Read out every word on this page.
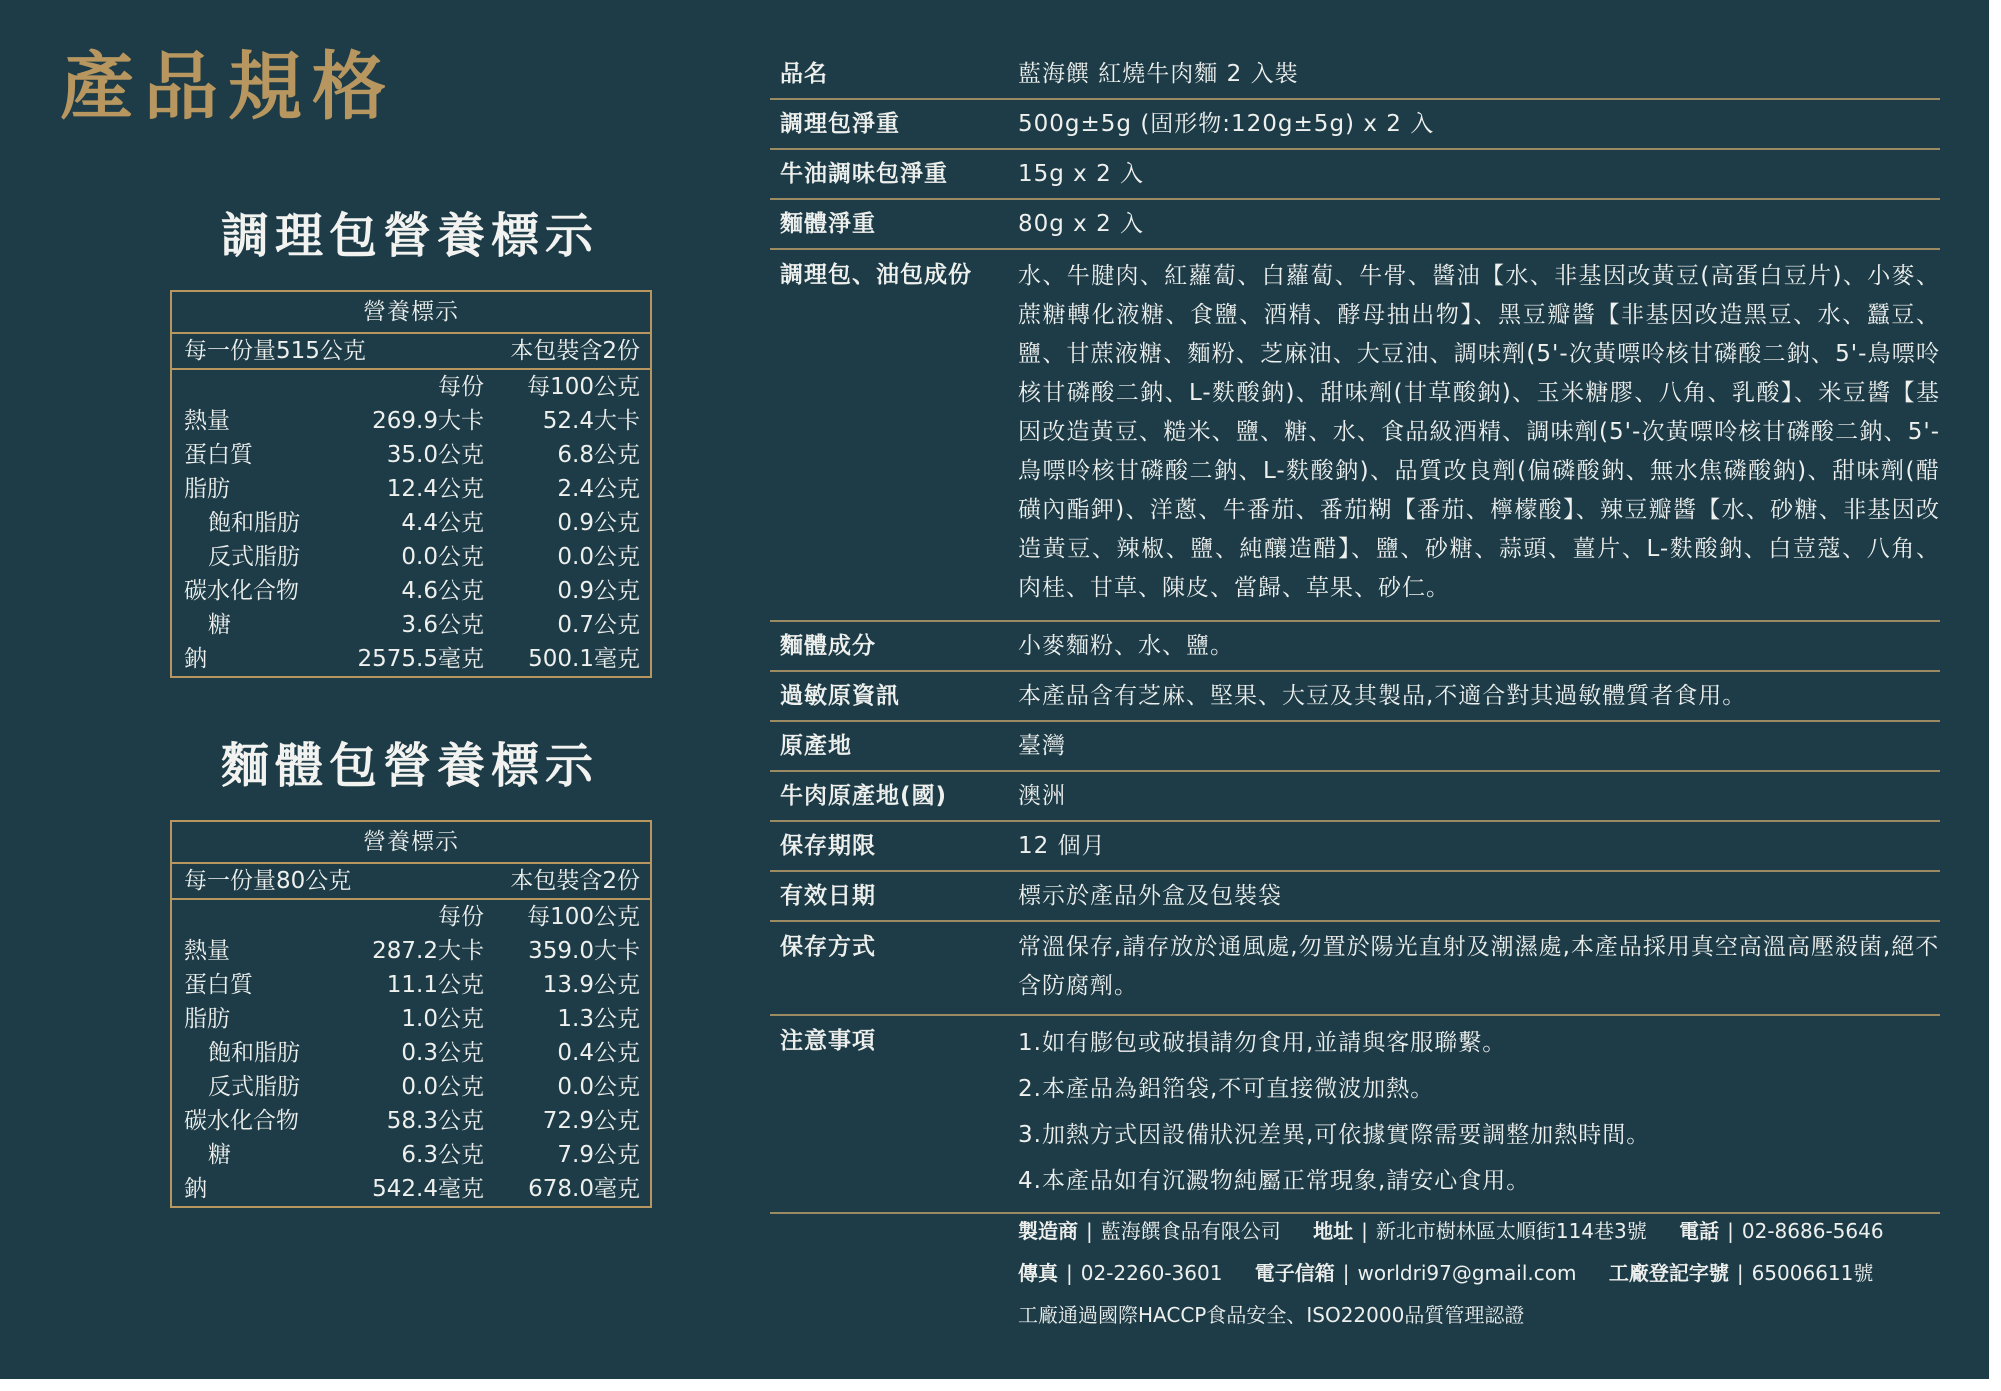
產品規格
調理包營養標示
營養標示
每一份量515公克	本包裝含2份
每份 每100公克
熱量	269.9大卡	52.4大卡
蛋白質	35.0公克	6.8公克
脂肪	12.4公克	2.4公克
飽和脂肪	4.4公克	0.9公克
反式脂肪	0.0公克	0.0公克
碳水化合物	4.6公克	0.9公克
糖	3.6公克	0.7公克
鈉	2575.5毫克 500.1毫克
麵體包營養標示
營養標示
每一份量80公克	本包裝含2份
每份 每100公克
熱量	287.2大卡 359.0大卡
蛋白質	11.1公克	13.9公克
脂肪	1.0公克	1.3公克
飽和脂肪	0.3公克	0.4公克
反式脂肪	0.0公克	0.0公克
碳水化合物	58.3公克	72.9公克
糖	6.3公克	7.9公克
鈉	542.4毫克 678.0毫克
品名	藍海饌 紅燒牛肉麵 2 入裝
調理包淨重	500g±5g (固形物:120g±5g) x 2 入
牛油調味包淨重	15g x 2 入
麵體淨重	80g x 2 入
調理包、油包成份 水、牛腱肉、紅蘿蔔、白蘿蔔、牛骨、醬油【水、非基因改黃豆(高蛋白豆片)、小麥、蔗糖轉化液糖、食鹽、酒精、酵母抽出物】、黑豆瓣醬【非基因改造黑豆、水、蠶豆、鹽、甘蔗液糖、麵粉、芝麻油、大豆油、調味劑(5'-次黃嘌呤核甘磷酸二鈉、5'-鳥嘌呤核甘磷酸二鈉、L-麩酸鈉)、甜味劑(甘草酸鈉)、玉米糖膠、八角、乳酸】、米豆醬【基因改造黃豆、糙米、鹽、糖、水、食品級酒精、調味劑(5'-次黃嘌呤核甘磷酸二鈉、5'-鳥嘌呤核甘磷酸二鈉、L-麩酸鈉)、品質改良劑(偏磷酸鈉、無水焦磷酸鈉)、甜味劑(醋磺內酯鉀)、洋蔥、牛番茄、番茄糊【番茄、檸檬酸】、辣豆瓣醬【水、砂糖、非基因改造黃豆、辣椒、鹽、純釀造醋】、鹽、砂糖、蒜頭、薑片、L-麩酸鈉、白荳蔻、八角、肉桂、甘草、陳皮、當歸、草果、砂仁。
麵體成分	小麥麵粉、水、鹽。
過敏原資訊	本產品含有芝麻、堅果、大豆及其製品,不適合對其過敏體質者食用。
原產地	臺灣
牛肉原產地(國)	澳洲
保存期限	12 個月
有效日期	標示於產品外盒及包裝袋
保存方式	常溫保存,請存放於通風處,勿置於陽光直射及潮濕處,本產品採用真空高溫高壓殺菌,絕不含防腐劑。
注意事項	1.如有膨包或破損請勿食用,並請與客服聯繫。
2.本產品為鋁箔袋,不可直接微波加熱。
3.加熱方式因設備狀況差異,可依據實際需要調整加熱時間。
4.本產品如有沉澱物純屬正常現象,請安心食用。
製造商 | 藍海饌食品有限公司 地址 | 新北市樹林區太順街114巷3號 電話 | 02-8686-5646
傳真 | 02-2260-3601 電子信箱 | worldri97@gmail.com 工廠登記字號 | 65006611號
工廠通過國際HACCP食品安全、ISO22000品質管理認證
